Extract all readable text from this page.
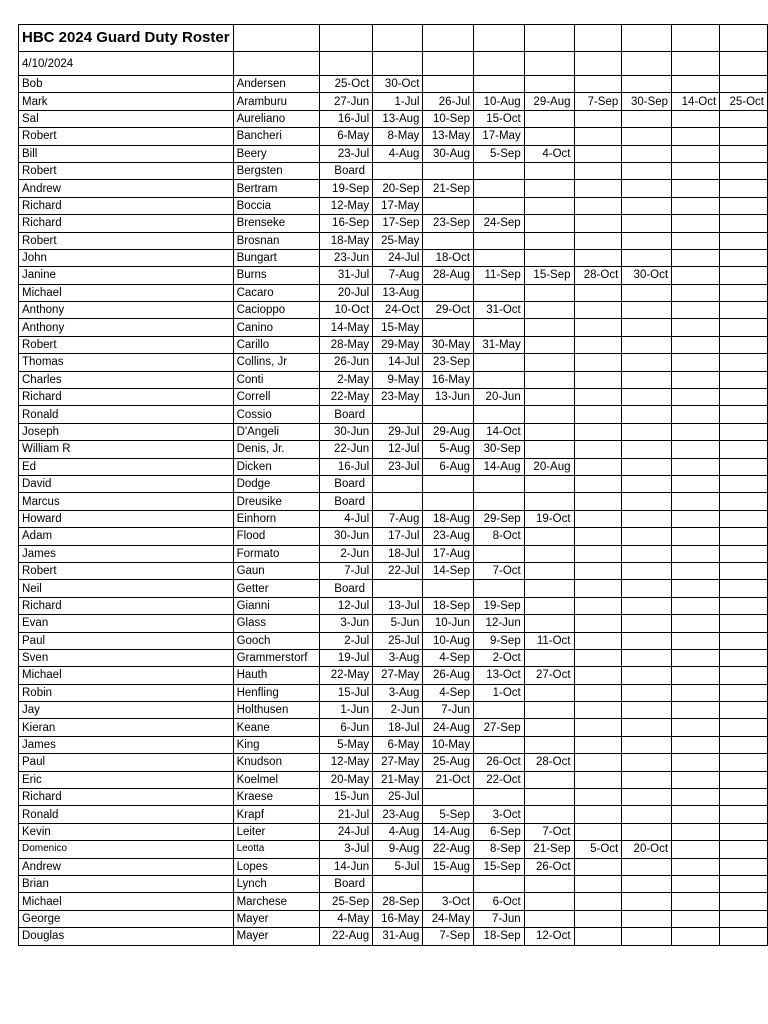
HBC 2024 Guard Duty Roster										
4/10/2024										
Bob	Andersen	25-Oct	30-Oct							
Mark	Aramburu	27-Jun	1-Jul	26-Jul	10-Aug	29-Aug	7-Sep	30-Sep	14-Oct	25-Oct
Sal	Aureliano	16-Jul	13-Aug	10-Sep	15-Oct					
Robert	Bancheri	6-May	8-May	13-May	17-May					
Bill	Beery	23-Jul	4-Aug	30-Aug	5-Sep	4-Oct				
Robert	Bergsten	Board								
Andrew	Bertram	19-Sep	20-Sep	21-Sep						
Richard	Boccia	12-May	17-May							
Richard	Brenseke	16-Sep	17-Sep	23-Sep	24-Sep					
Robert	Brosnan	18-May	25-May							
John	Bungart	23-Jun	24-Jul	18-Oct						
Janine	Burns	31-Jul	7-Aug	28-Aug	11-Sep	15-Sep	28-Oct	30-Oct		
Michael	Cacaro	20-Jul	13-Aug							
Anthony	Cacioppo	10-Oct	24-Oct	29-Oct	31-Oct					
Anthony	Canino	14-May	15-May							
Robert	Carillo	28-May	29-May	30-May	31-May					
Thomas	Collins, Jr	26-Jun	14-Jul	23-Sep						
Charles	Conti	2-May	9-May	16-May						
Richard	Correll	22-May	23-May	13-Jun	20-Jun					
Ronald	Cossio	Board								
Joseph	D'Angeli	30-Jun	29-Jul	29-Aug	14-Oct					
William R	Denis, Jr.	22-Jun	12-Jul	5-Aug	30-Sep					
Ed	Dicken	16-Jul	23-Jul	6-Aug	14-Aug	20-Aug				
David	Dodge	Board								
Marcus	Dreusike	Board								
Howard	Einhorn	4-Jul	7-Aug	18-Aug	29-Sep	19-Oct				
Adam	Flood	30-Jun	17-Jul	23-Aug	8-Oct					
James	Formato	2-Jun	18-Jul	17-Aug						
Robert	Gaun	7-Jul	22-Jul	14-Sep	7-Oct					
Neil	Getter	Board								
Richard	Gianni	12-Jul	13-Jul	18-Sep	19-Sep					
Evan	Glass	3-Jun	5-Jun	10-Jun	12-Jun					
Paul	Gooch	2-Jul	25-Jul	10-Aug	9-Sep	11-Oct				
Sven	Grammerstorf	19-Jul	3-Aug	4-Sep	2-Oct					
Michael	Hauth	22-May	27-May	26-Aug	13-Oct	27-Oct				
Robin	Henfling	15-Jul	3-Aug	4-Sep	1-Oct					
Jay	Holthusen	1-Jun	2-Jun	7-Jun						
Kieran	Keane	6-Jun	18-Jul	24-Aug	27-Sep					
James	King	5-May	6-May	10-May						
Paul	Knudson	12-May	27-May	25-Aug	26-Oct	28-Oct				
Eric	Koelmel	20-May	21-May	21-Oct	22-Oct					
Richard	Kraese	15-Jun	25-Jul							
Ronald	Krapf	21-Jul	23-Aug	5-Sep	3-Oct					
Kevin	Leiter	24-Jul	4-Aug	14-Aug	6-Sep	7-Oct				
Domenico	Leotta	3-Jul	9-Aug	22-Aug	8-Sep	21-Sep	5-Oct	20-Oct		
Andrew	Lopes	14-Jun	5-Jul	15-Aug	15-Sep	26-Oct				
Brian	Lynch	Board								
Michael	Marchese	25-Sep	28-Sep	3-Oct	6-Oct					
George	Mayer	4-May	16-May	24-May	7-Jun					
Douglas	Mayer	22-Aug	31-Aug	7-Sep	18-Sep	12-Oct				
